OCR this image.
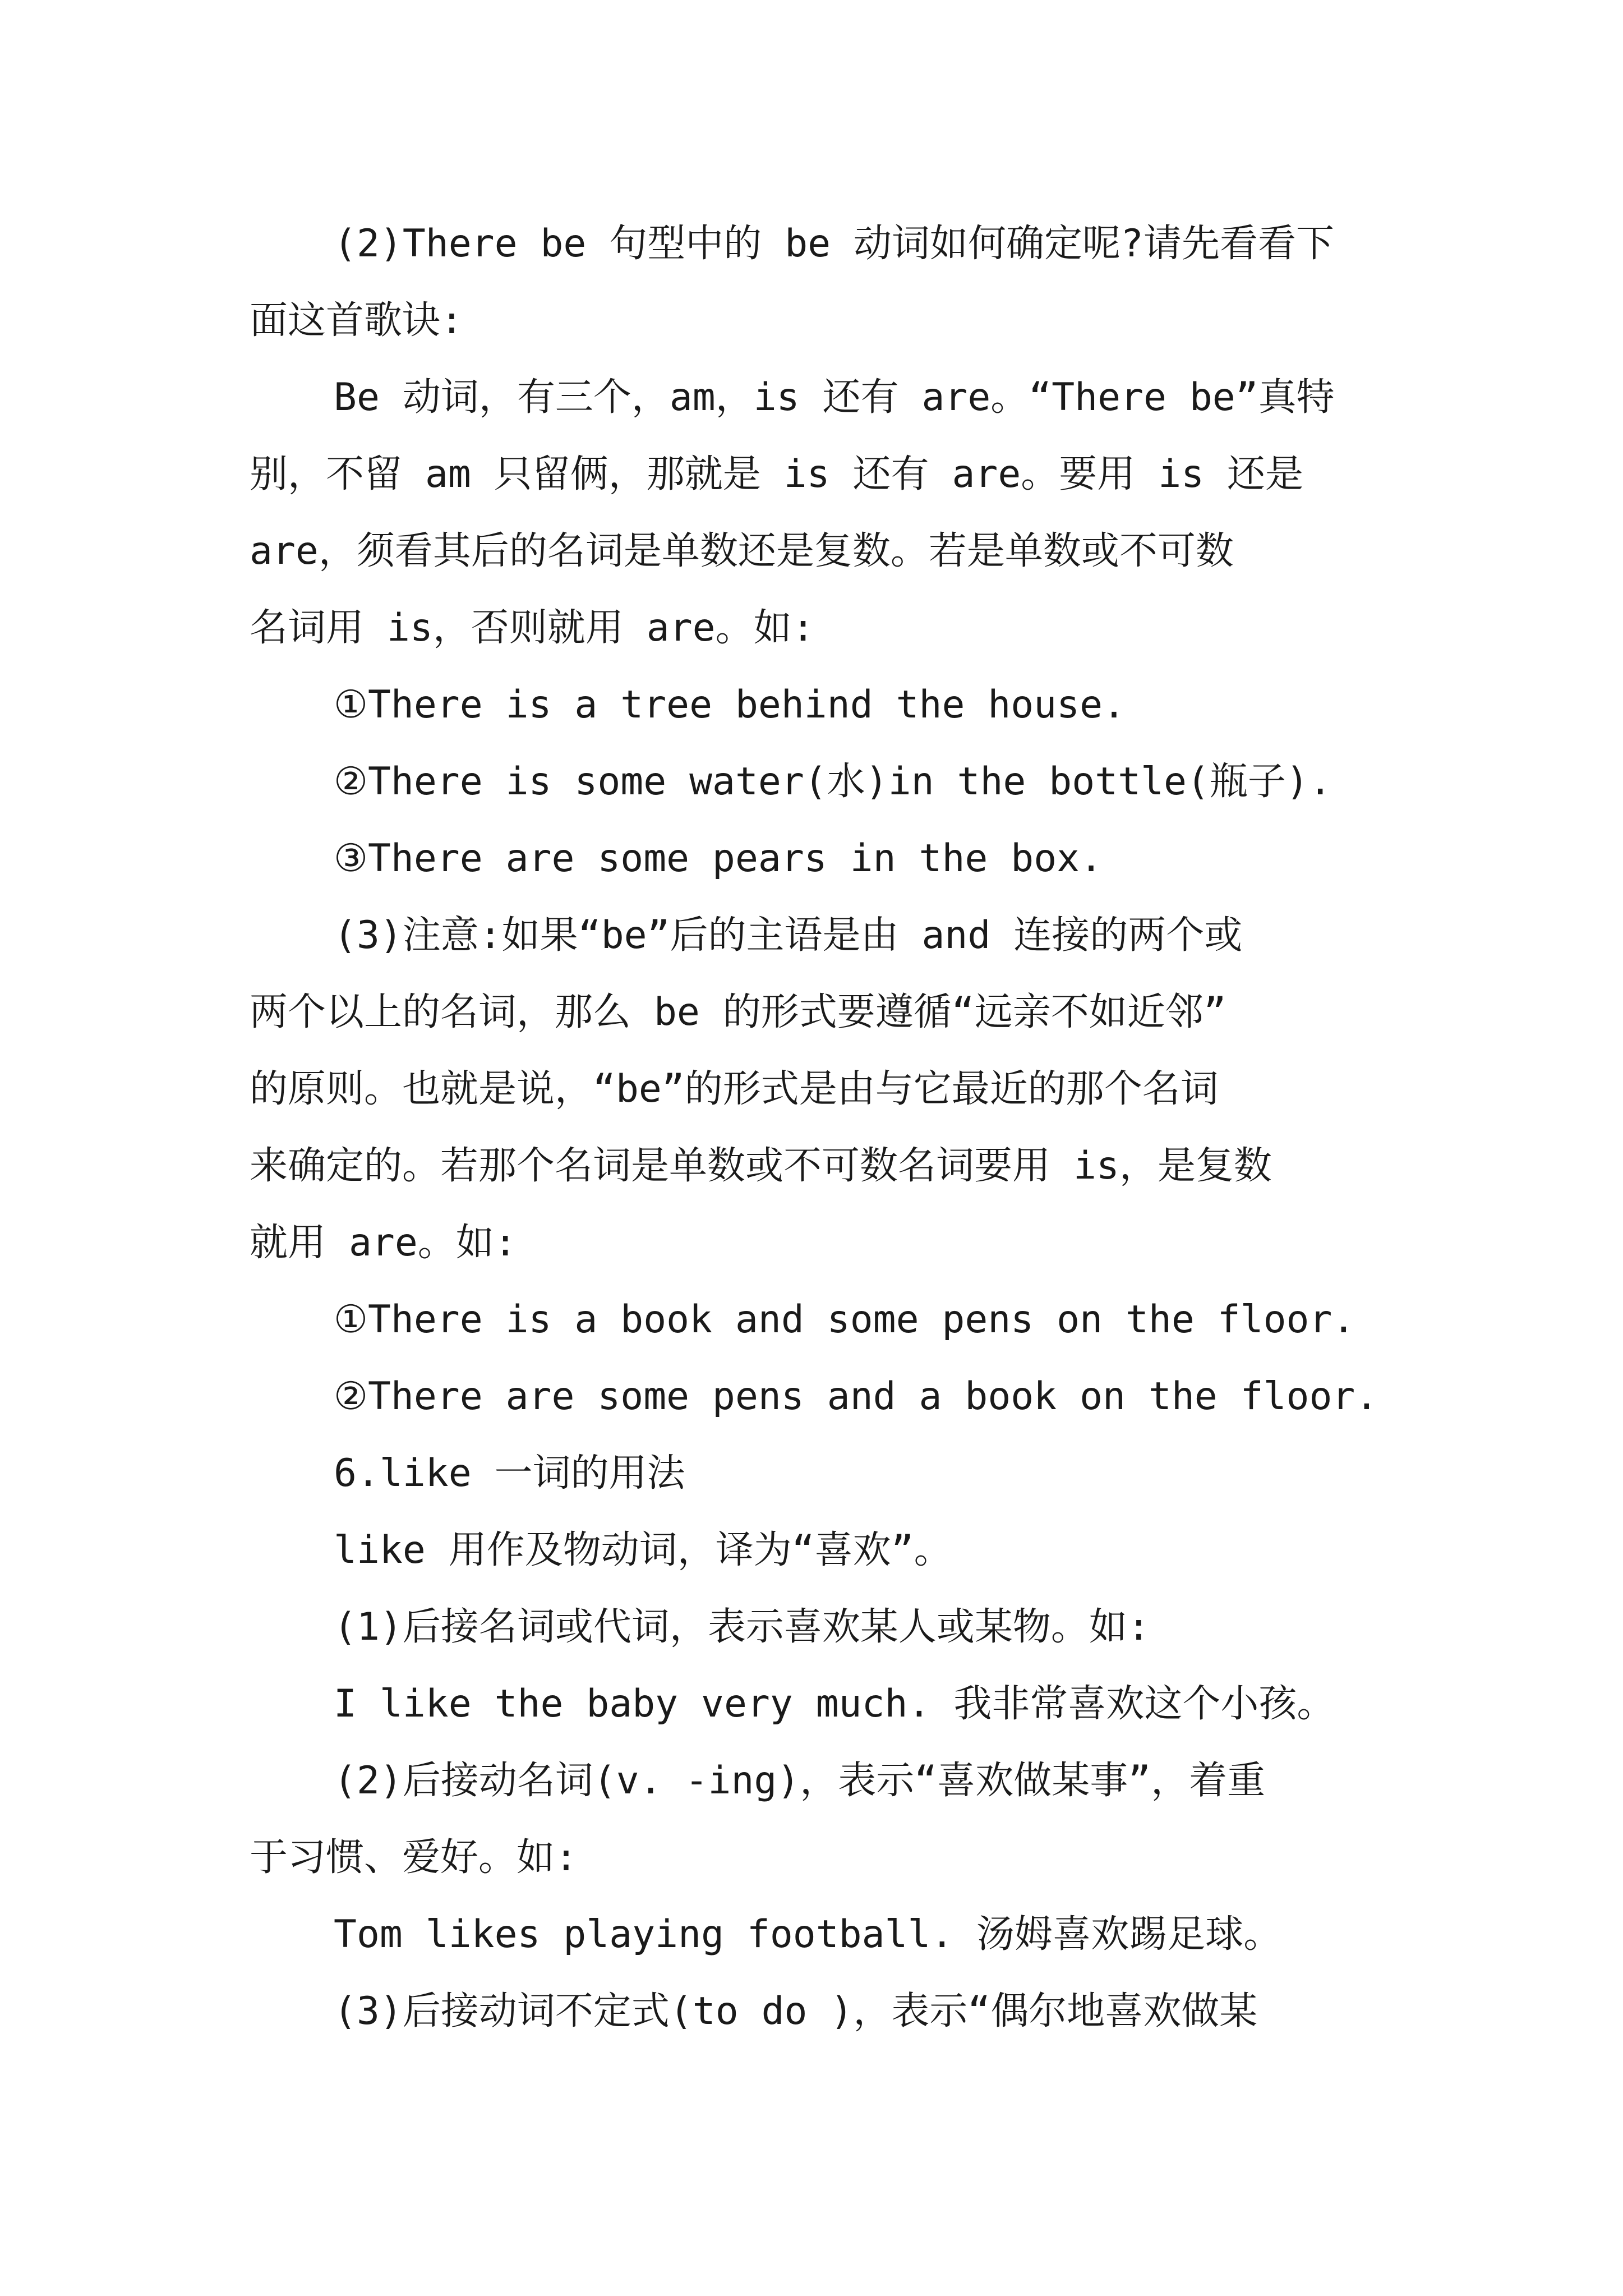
(2)There be 句型中的 be 动词如何确定呢?请先看看下
面这首歌诀:
Be 动词，有三个，am，is 还有 are。“There be”真特
别，不留 am 只留俩，那就是 is 还有 are。要用 is 还是
are，须看其后的名词是单数还是复数。若是单数或不可数
名词用 is，否则就用 are。如:
①There is a tree behind the house.
②There is some water(水)in the bottle(瓶子).
③There are some pears in the box.
(3)注意:如果“be”后的主语是由 and 连接的两个或
两个以上的名词，那么 be 的形式要遵循“远亲不如近邻”
的原则。也就是说，“be”的形式是由与它最近的那个名词
来确定的。若那个名词是单数或不可数名词要用 is，是复数
就用 are。如:
①There is a book and some pens on the floor.
②There are some pens and a book on the floor.
6.like 一词的用法
like 用作及物动词，译为“喜欢”。
(1)后接名词或代词，表示喜欢某人或某物。如:
I like the baby very much. 我非常喜欢这个小孩。
(2)后接动名词(v. -ing)，表示“喜欢做某事”，着重
于习惯、爱好。如:
Tom likes playing football. 汤姆喜欢踢足球。
(3)后接动词不定式(to do )，表示“偶尔地喜欢做某
